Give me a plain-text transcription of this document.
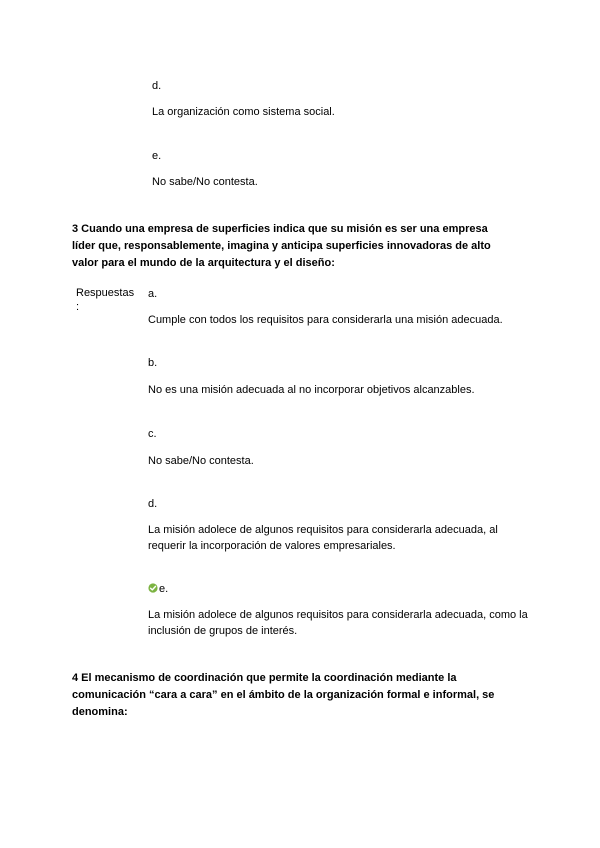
d.
La organización como sistema social.
e.
No sabe/No contesta.
3 Cuando una empresa de superficies indica que su misión es ser una empresa líder que, responsablemente, imagina y anticipa superficies innovadoras de alto valor para el mundo de la arquitectura y el diseño:
Respuestas
:
a.
Cumple con todos los requisitos para considerarla una misión adecuada.
b.
No es una misión adecuada al no incorporar objetivos alcanzables.
c.
No sabe/No contesta.
d.
La misión adolece de algunos requisitos para considerarla adecuada, al requerir la incorporación de valores empresariales.
e.
La misión adolece de algunos requisitos para considerarla adecuada, como la inclusión de grupos de interés.
4 El mecanismo de coordinación que permite la coordinación mediante la comunicación “cara a cara” en el ámbito de la organización formal e informal, se denomina:
